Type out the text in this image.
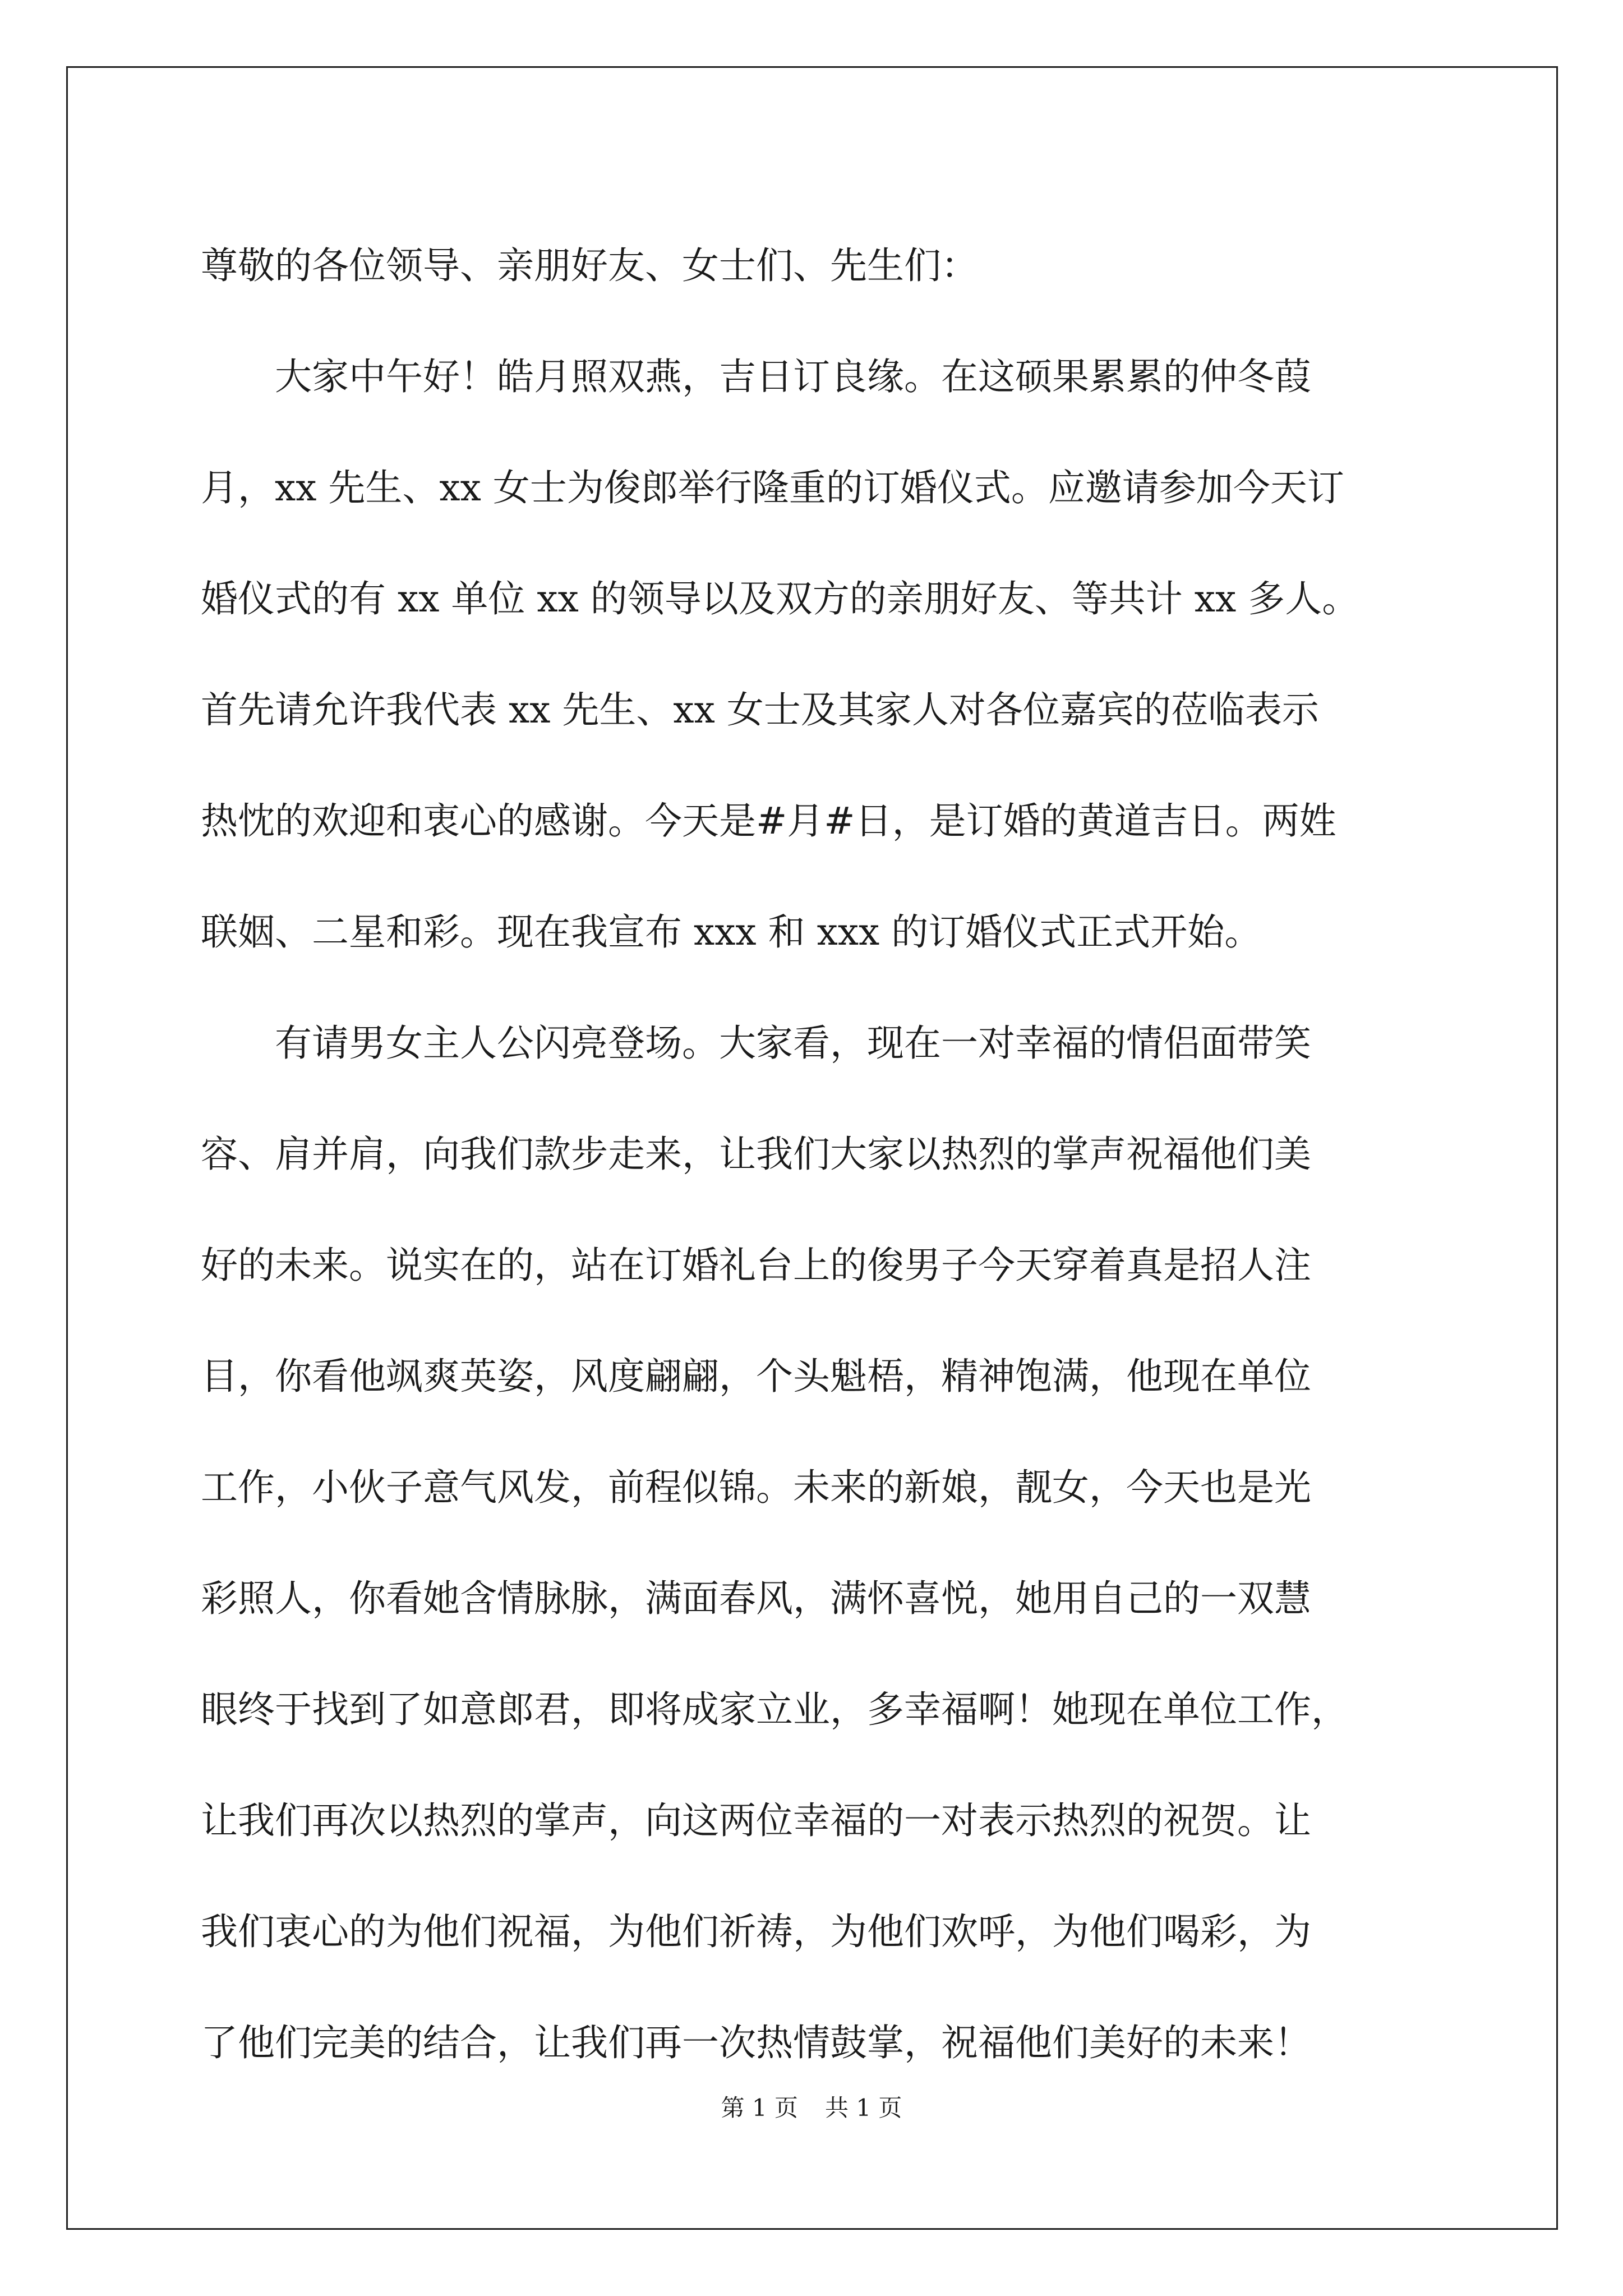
尊敬的各位领导、亲朋好友、女士们、先生们：
大家中午好！皓月照双燕，吉日订良缘。在这硕果累累的仲冬葭
月，xx 先生、xx 女士为俊郎举行隆重的订婚仪式。应邀请参加今天订
婚仪式的有 xx 单位 xx 的领导以及双方的亲朋好友、等共计 xx 多人。
首先请允许我代表 xx 先生、xx 女士及其家人对各位嘉宾的莅临表示
热忱的欢迎和衷心的感谢。今天是#月#日，是订婚的黄道吉日。两姓
联姻、二星和彩。现在我宣布 xxx 和 xxx 的订婚仪式正式开始。
有请男女主人公闪亮登场。大家看，现在一对幸福的情侣面带笑
容、肩并肩，向我们款步走来，让我们大家以热烈的掌声祝福他们美
好的未来。说实在的，站在订婚礼台上的俊男子今天穿着真是招人注
目，你看他飒爽英姿，风度翩翩，个头魁梧，精神饱满，他现在单位
工作，小伙子意气风发，前程似锦。未来的新娘，靓女，今天也是光
彩照人，你看她含情脉脉，满面春风，满怀喜悦，她用自己的一双慧
眼终于找到了如意郎君，即将成家立业，多幸福啊！她现在单位工作，
让我们再次以热烈的掌声，向这两位幸福的一对表示热烈的祝贺。让
我们衷心的为他们祝福，为他们祈祷，为他们欢呼，为他们喝彩，为
了他们完美的结合，让我们再一次热情鼓掌，祝福他们美好的未来！
第 1 页 共 1 页
